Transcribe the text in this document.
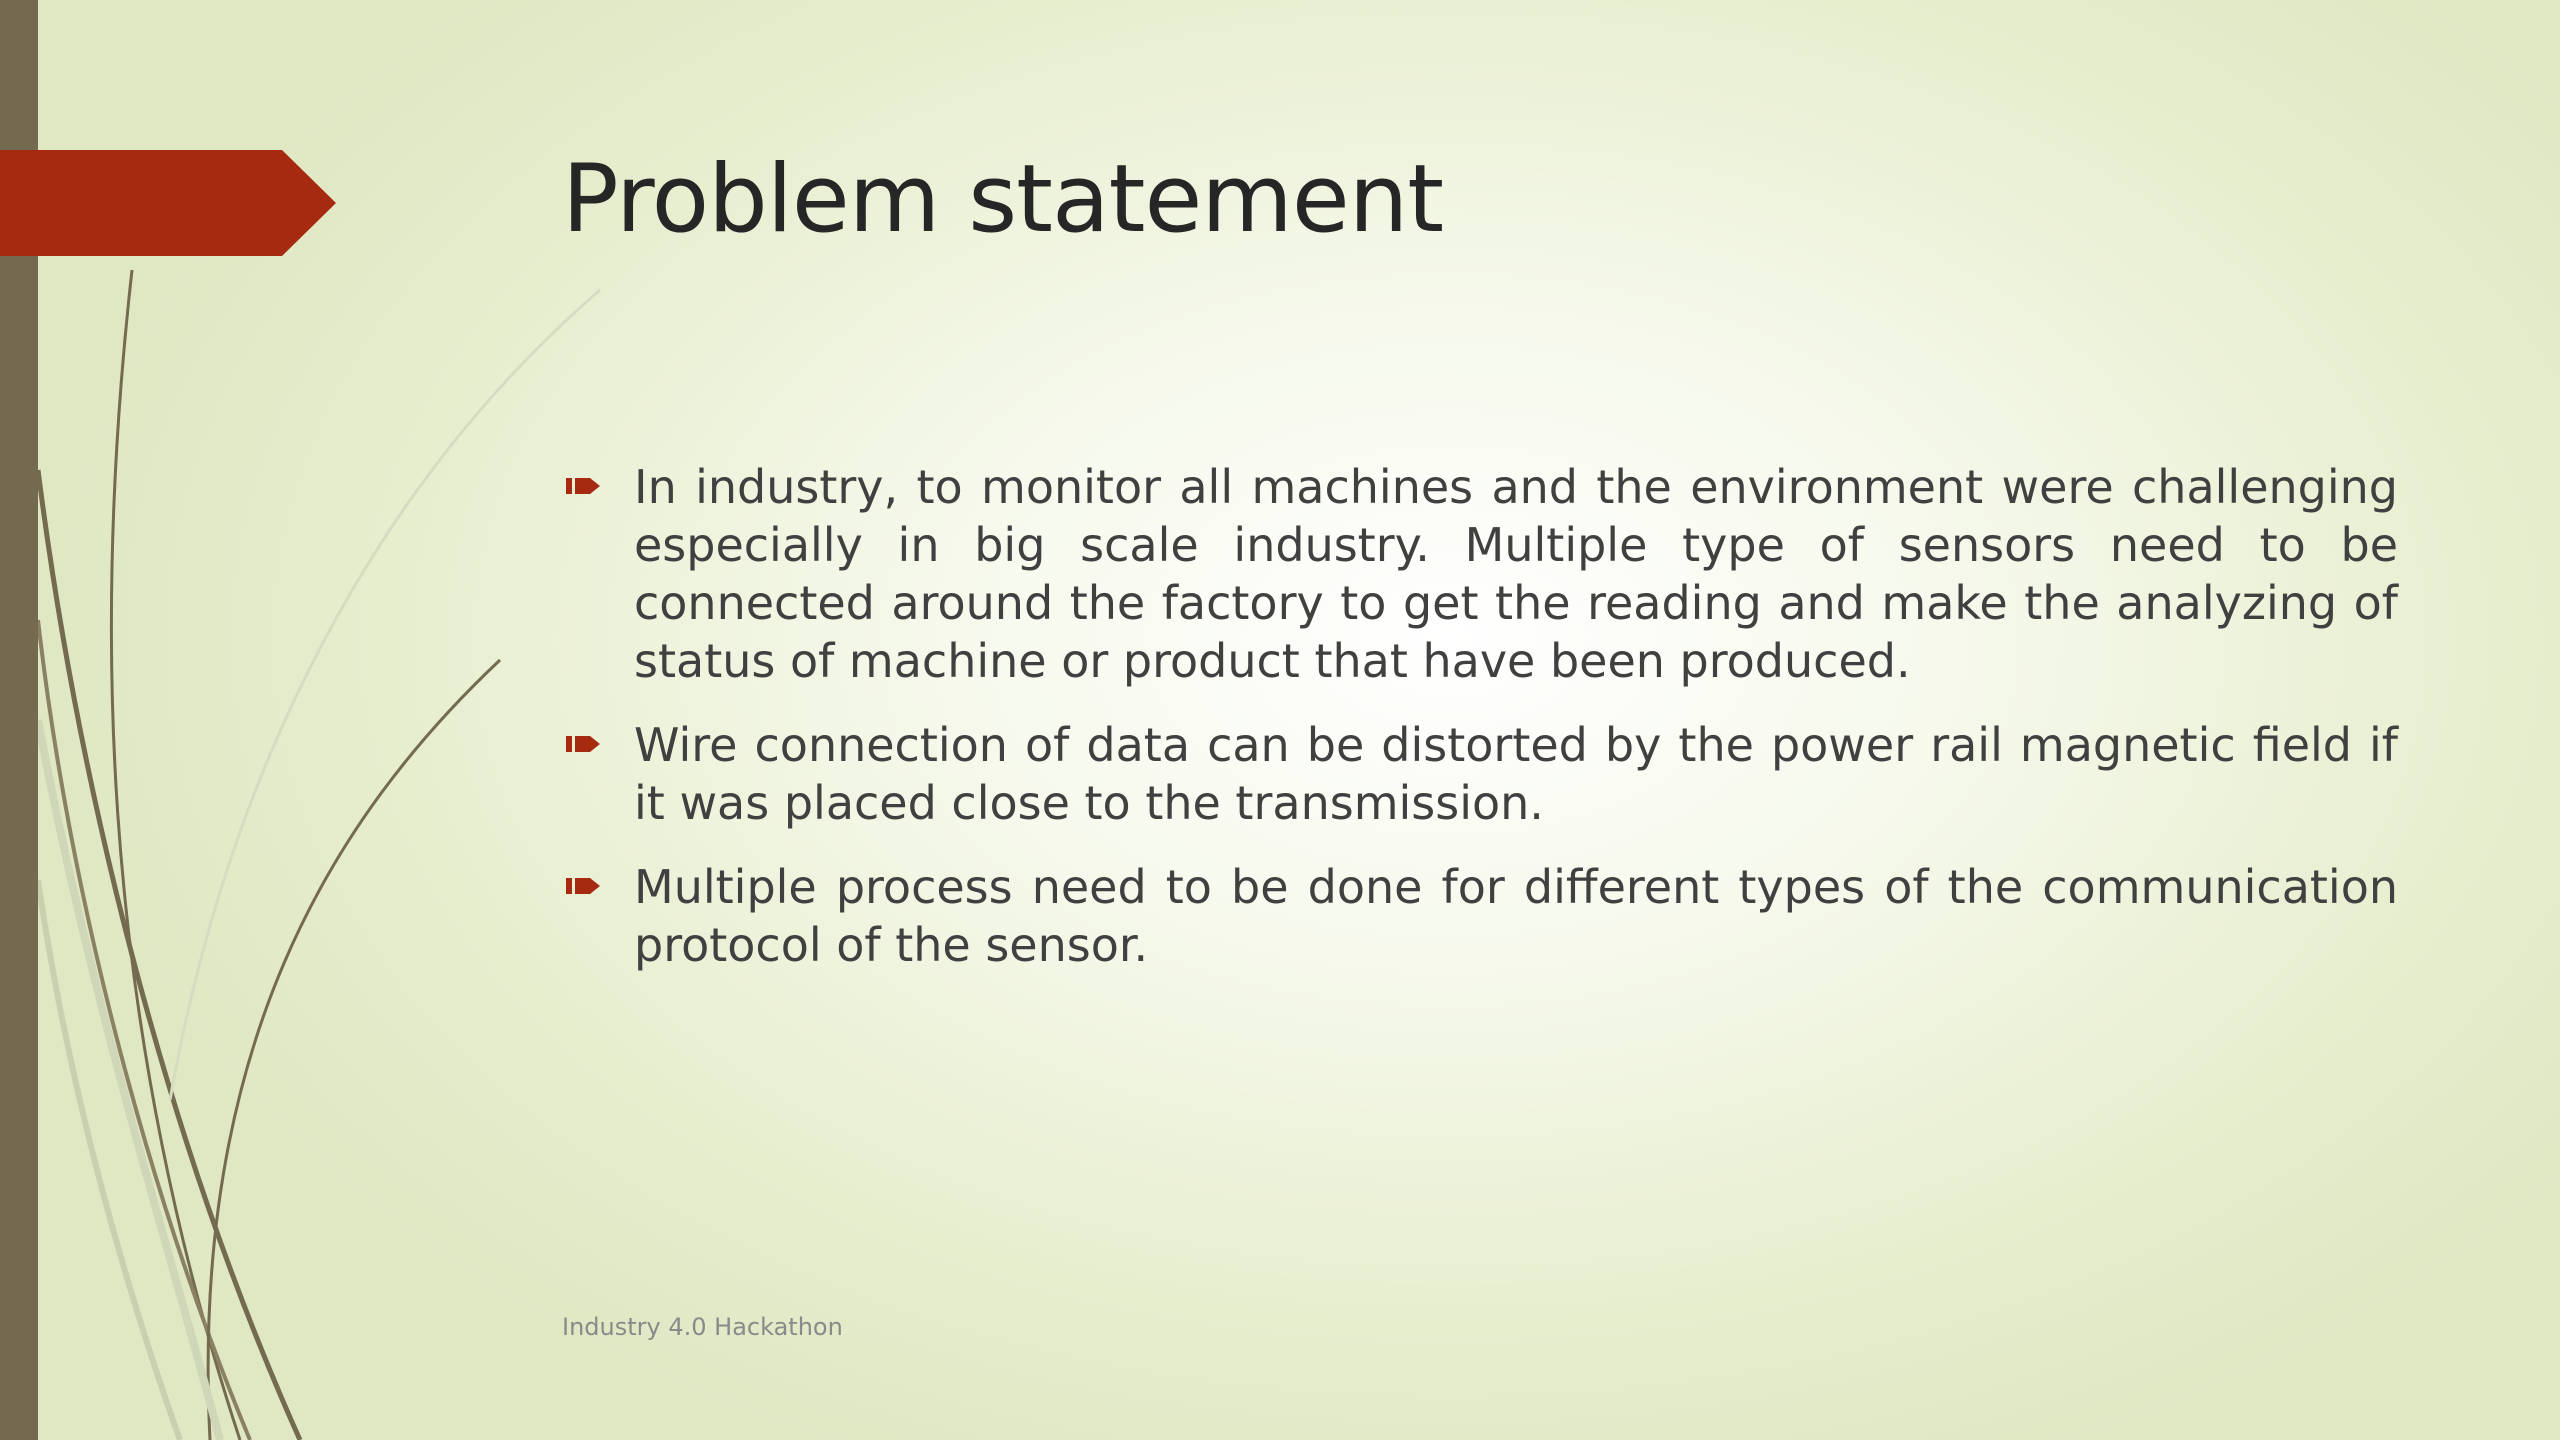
Problem statement
In industry, to monitor all machines and the environment were challenging especially in big scale industry. Multiple type of sensors need to be connected around the factory to get the reading and make the analyzing of status of machine or product that have been produced.
Wire connection of data can be distorted by the power rail magnetic field if it was placed close to the transmission.
Multiple process need to be done for different types of the communication protocol of the sensor.
Industry 4.0 Hackathon
